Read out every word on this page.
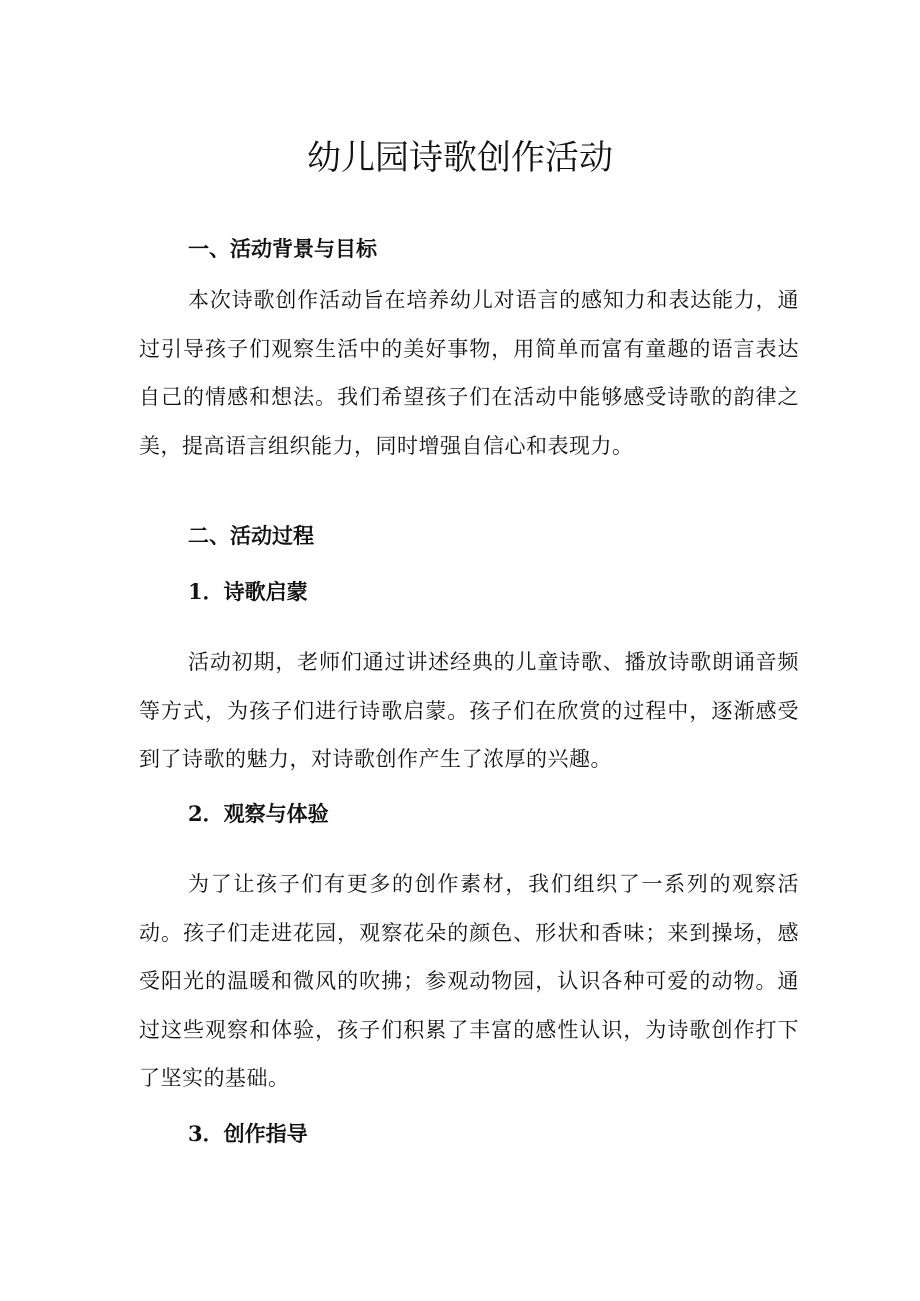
幼儿园诗歌创作活动
一、活动背景与目标

本次诗歌创作活动旨在培养幼儿对语言的感知力和表达能力，通过引导孩子们观察生活中的美好事物，用简单而富有童趣的语言表达自己的情感和想法。我们希望孩子们在活动中能够感受诗歌的韵律之美，提高语言组织能力，同时增强自信心和表现力。

二、活动过程
1．诗歌启蒙

活动初期，老师们通过讲述经典的儿童诗歌、播放诗歌朗诵音频等方式，为孩子们进行诗歌启蒙。孩子们在欣赏的过程中，逐渐感受到了诗歌的魅力，对诗歌创作产生了浓厚的兴趣。

2．观察与体验

为了让孩子们有更多的创作素材，我们组织了一系列的观察活动。孩子们走进花园，观察花朵的颜色、形状和香味；来到操场，感受阳光的温暖和微风的吹拂；参观动物园，认识各种可爱的动物。通过这些观察和体验，孩子们积累了丰富的感性认识，为诗歌创作打下了坚实的基础。

3．创作指导
